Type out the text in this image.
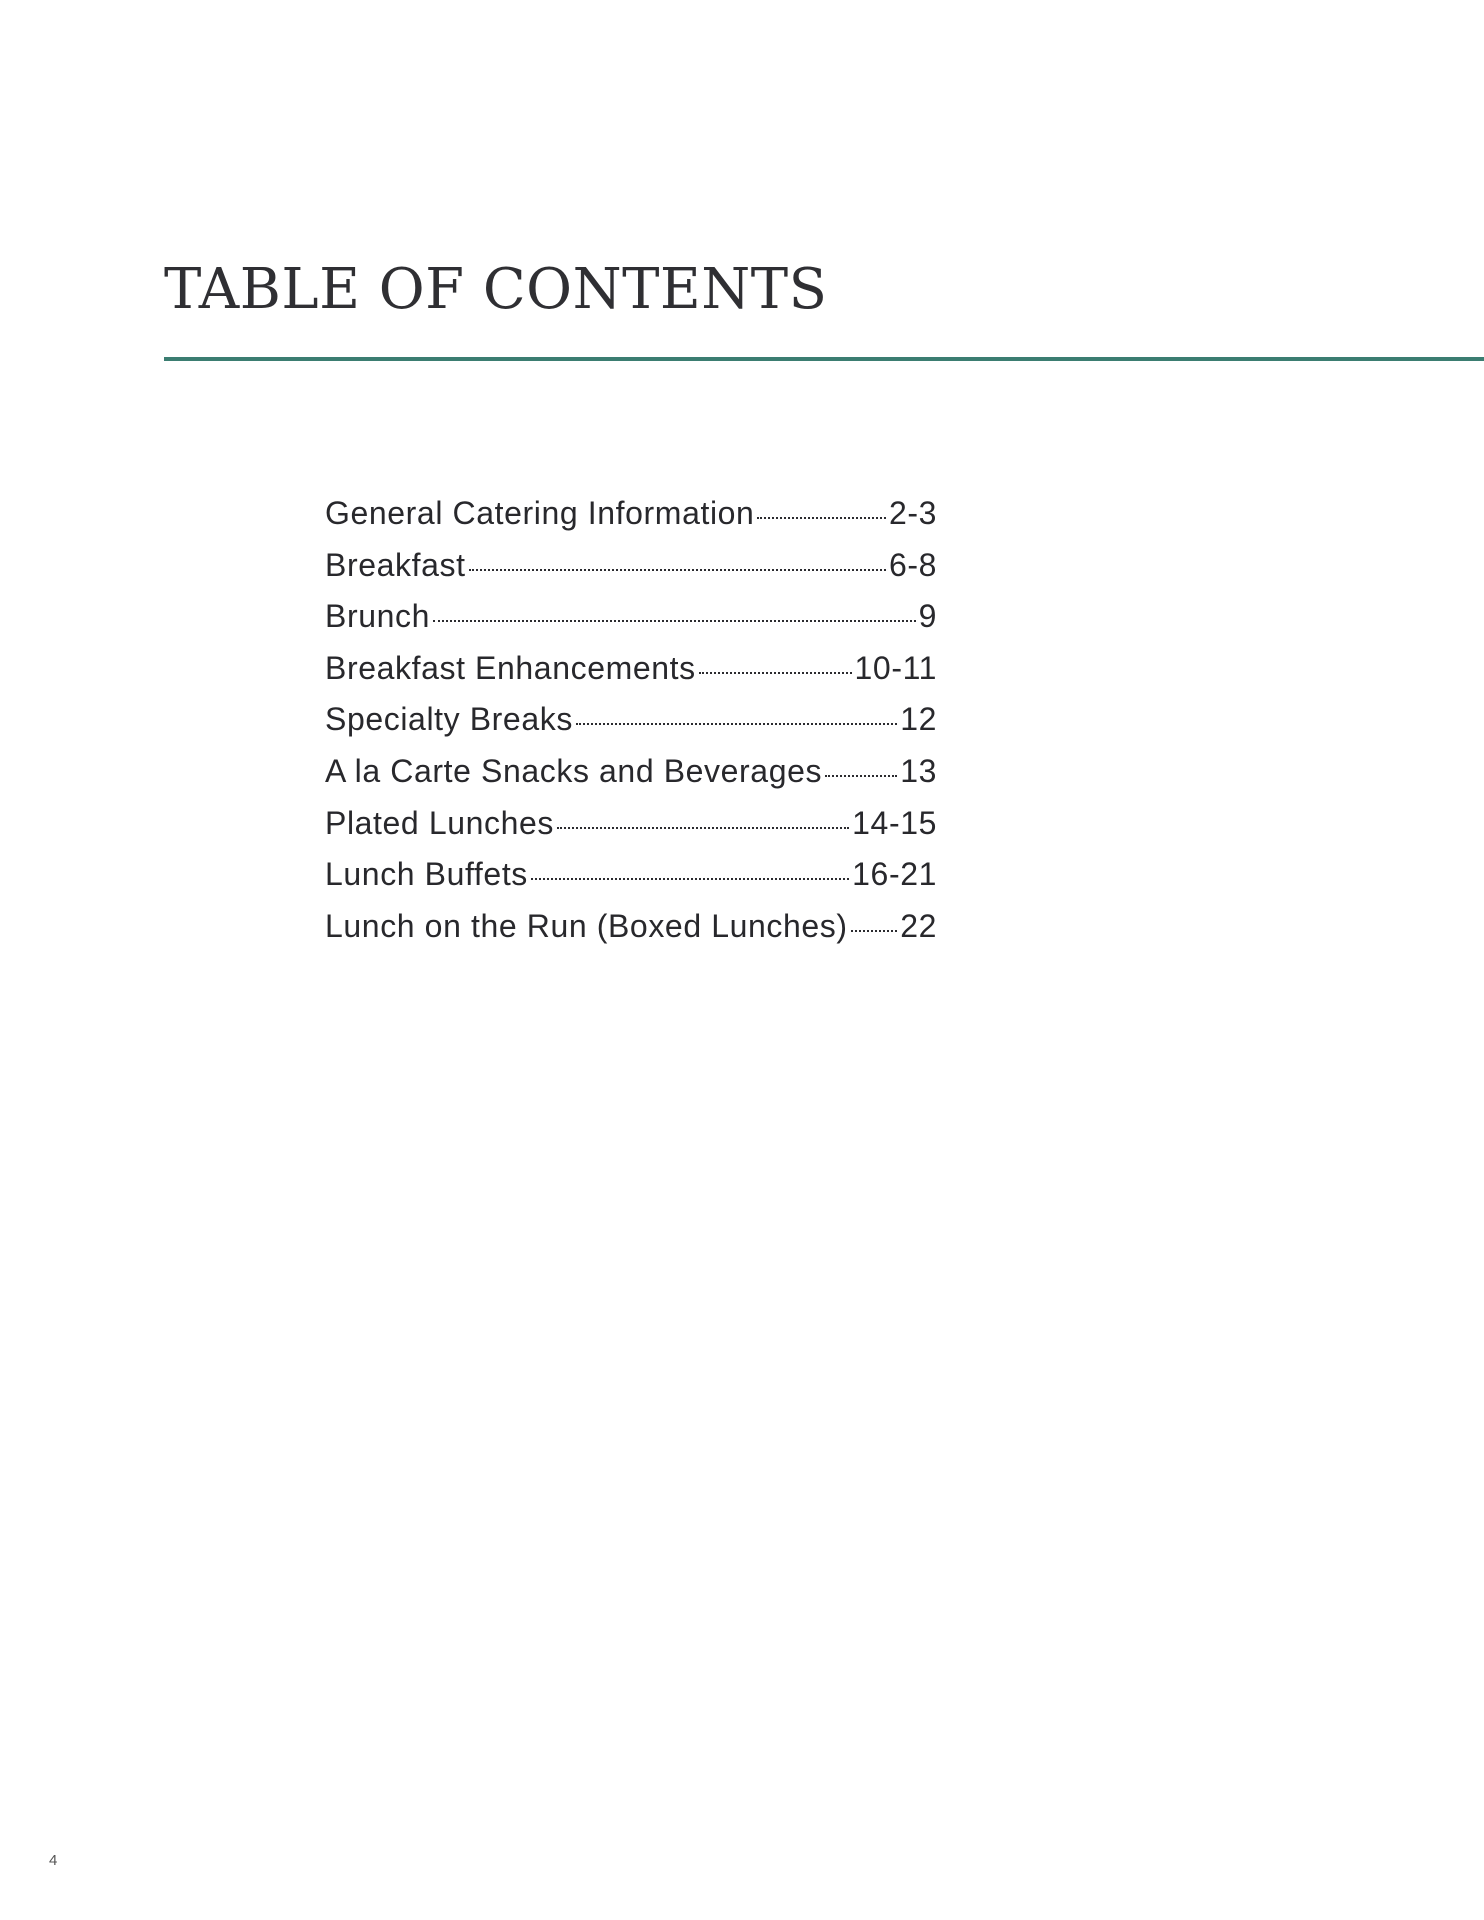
TABLE OF CONTENTS
General Catering Information	2-3
Breakfast	6-8
Brunch	9
Breakfast Enhancements	10-11
Specialty Breaks	12
A la Carte Snacks and Beverages 13
Plated Lunches	14-15
Lunch Buffets	16-21
Lunch on the Run (Boxed Lunches) 22
4
